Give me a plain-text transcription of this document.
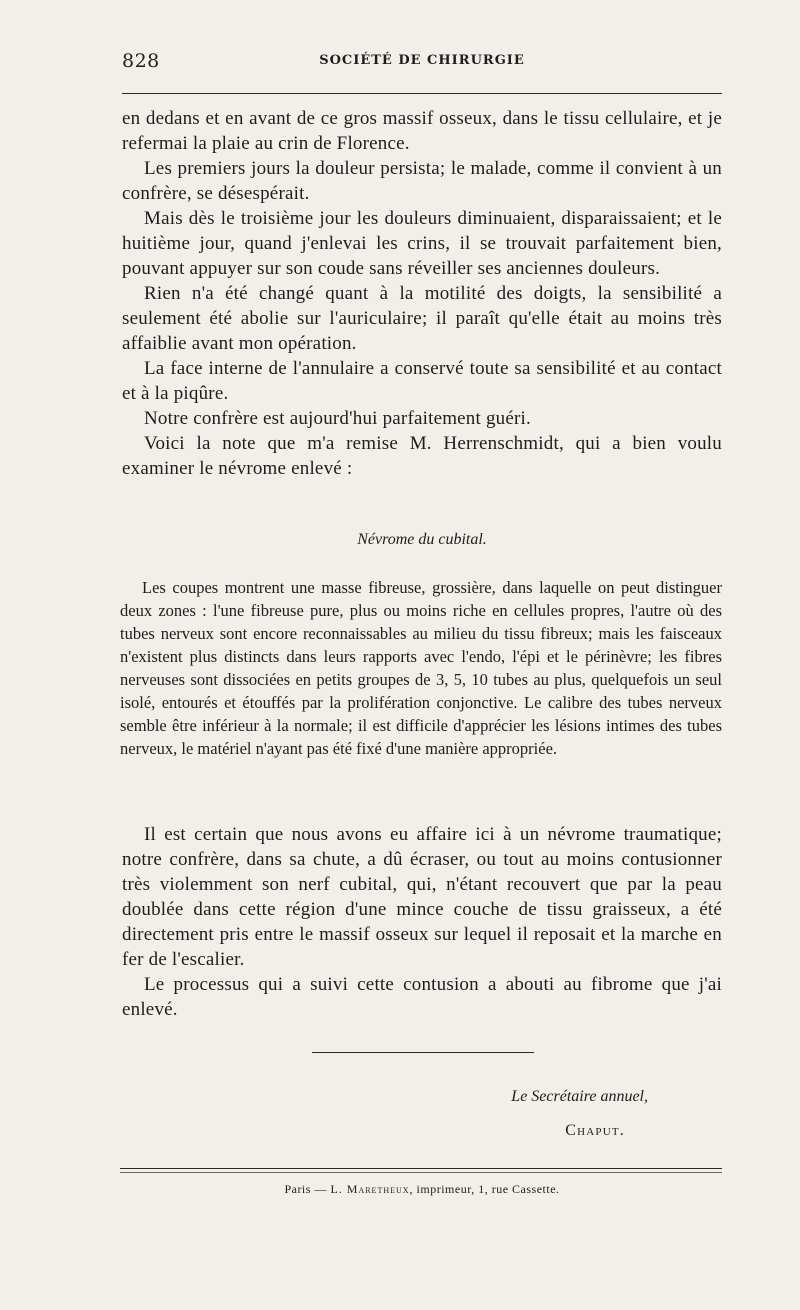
828	SOCIÉTÉ DE CHIRURGIE

en dedans et en avant de ce gros massif osseux, dans le tissu cellulaire, et je refermai la plaie au crin de Florence.

Les premiers jours la douleur persista; le malade, comme il convient à un confrère, se désespérait.

Mais dès le troisième jour les douleurs diminuaient, disparaissaient; et le huitième jour, quand j'enlevai les crins, il se trouvait parfaitement bien, pouvant appuyer sur son coude sans réveiller ses anciennes douleurs.

Rien n'a été changé quant à la motilité des doigts, la sensibilité a seulement été abolie sur l'auriculaire; il paraît qu'elle était au moins très affaiblie avant mon opération.

La face interne de l'annulaire a conservé toute sa sensibilité et au contact et à la piqûre.

Notre confrère est aujourd'hui parfaitement guéri.

Voici la note que m'a remise M. Herrenschmidt, qui a bien voulu examiner le névrome enlevé :

Névrome du cubital.

Les coupes montrent une masse fibreuse, grossière, dans laquelle on peut distinguer deux zones : l'une fibreuse pure, plus ou moins riche en cellules propres, l'autre où des tubes nerveux sont encore reconnaissables au milieu du tissu fibreux; mais les faisceaux n'existent plus distincts dans leurs rapports avec l'endo, l'épi et le périnèvre; les fibres nerveuses sont dissociées en petits groupes de 3, 5, 10 tubes au plus, quelquefois un seul isolé, entourés et étouffés par la prolifération conjonctive. Le calibre des tubes nerveux semble être inférieur à la normale; il est difficile d'apprécier les lésions intimes des tubes nerveux, le matériel n'ayant pas été fixé d'une manière appropriée.

Il est certain que nous avons eu affaire ici à un névrome traumatique; notre confrère, dans sa chute, a dû écraser, ou tout au moins contusionner très violemment son nerf cubital, qui, n'étant recouvert que par la peau doublée dans cette région d'une mince couche de tissu graisseux, a été directement pris entre le massif osseux sur lequel il reposait et la marche en fer de l'escalier.

Le processus qui a suivi cette contusion a abouti au fibrome que j'ai enlevé.

Le Secrétaire annuel,
Chaput.
Paris — L. Maretheux, imprimeur, 1, rue Cassette.
